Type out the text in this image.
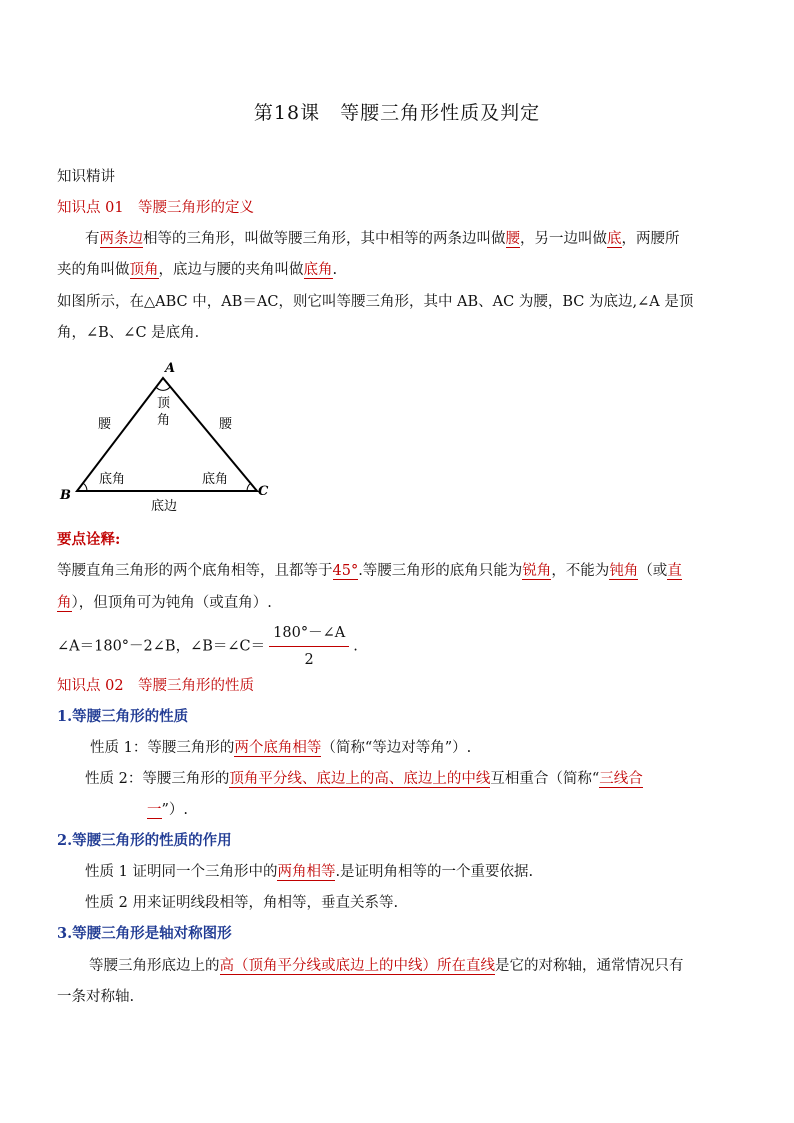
第18课　等腰三角形性质及判定
知识精讲
知识点 01　等腰三角形的定义
有两条边相等的三角形，叫做等腰三角形，其中相等的两条边叫做腰，另一边叫做底，两腰所
夹的角叫做顶角，底边与腰的夹角叫做底角.
如图所示，在△ABC 中，AB＝AC，则它叫等腰三角形，其中 AB、AC 为腰，BC 为底边,∠A 是顶
角，∠B、∠C 是底角．
A
B	C
腰	腰
顶
角
底角	底角
底边
要点诠释:
等腰直角三角形的两个底角相等，且都等于45°.等腰三角形的底角只能为锐角，不能为钝角（或直
角），但顶角可为钝角（或直角）.
∠A＝180°－2∠B，∠B＝∠C＝ $\frac{180^\circ-\angle A}{2}$ .
知识点 02　等腰三角形的性质
1.等腰三角形的性质
性质 1：等腰三角形的两个底角相等（简称“等边对等角”）.
性质 2：等腰三角形的顶角平分线、底边上的高、底边上的中线互相重合（简称“三线合
一”）.
2.等腰三角形的性质的作用
性质 1 证明同一个三角形中的两角相等.是证明角相等的一个重要依据.
性质 2 用来证明线段相等，角相等，垂直关系等.
3.等腰三角形是轴对称图形
等腰三角形底边上的高（顶角平分线或底边上的中线）所在直线是它的对称轴，通常情况只有
一条对称轴.
